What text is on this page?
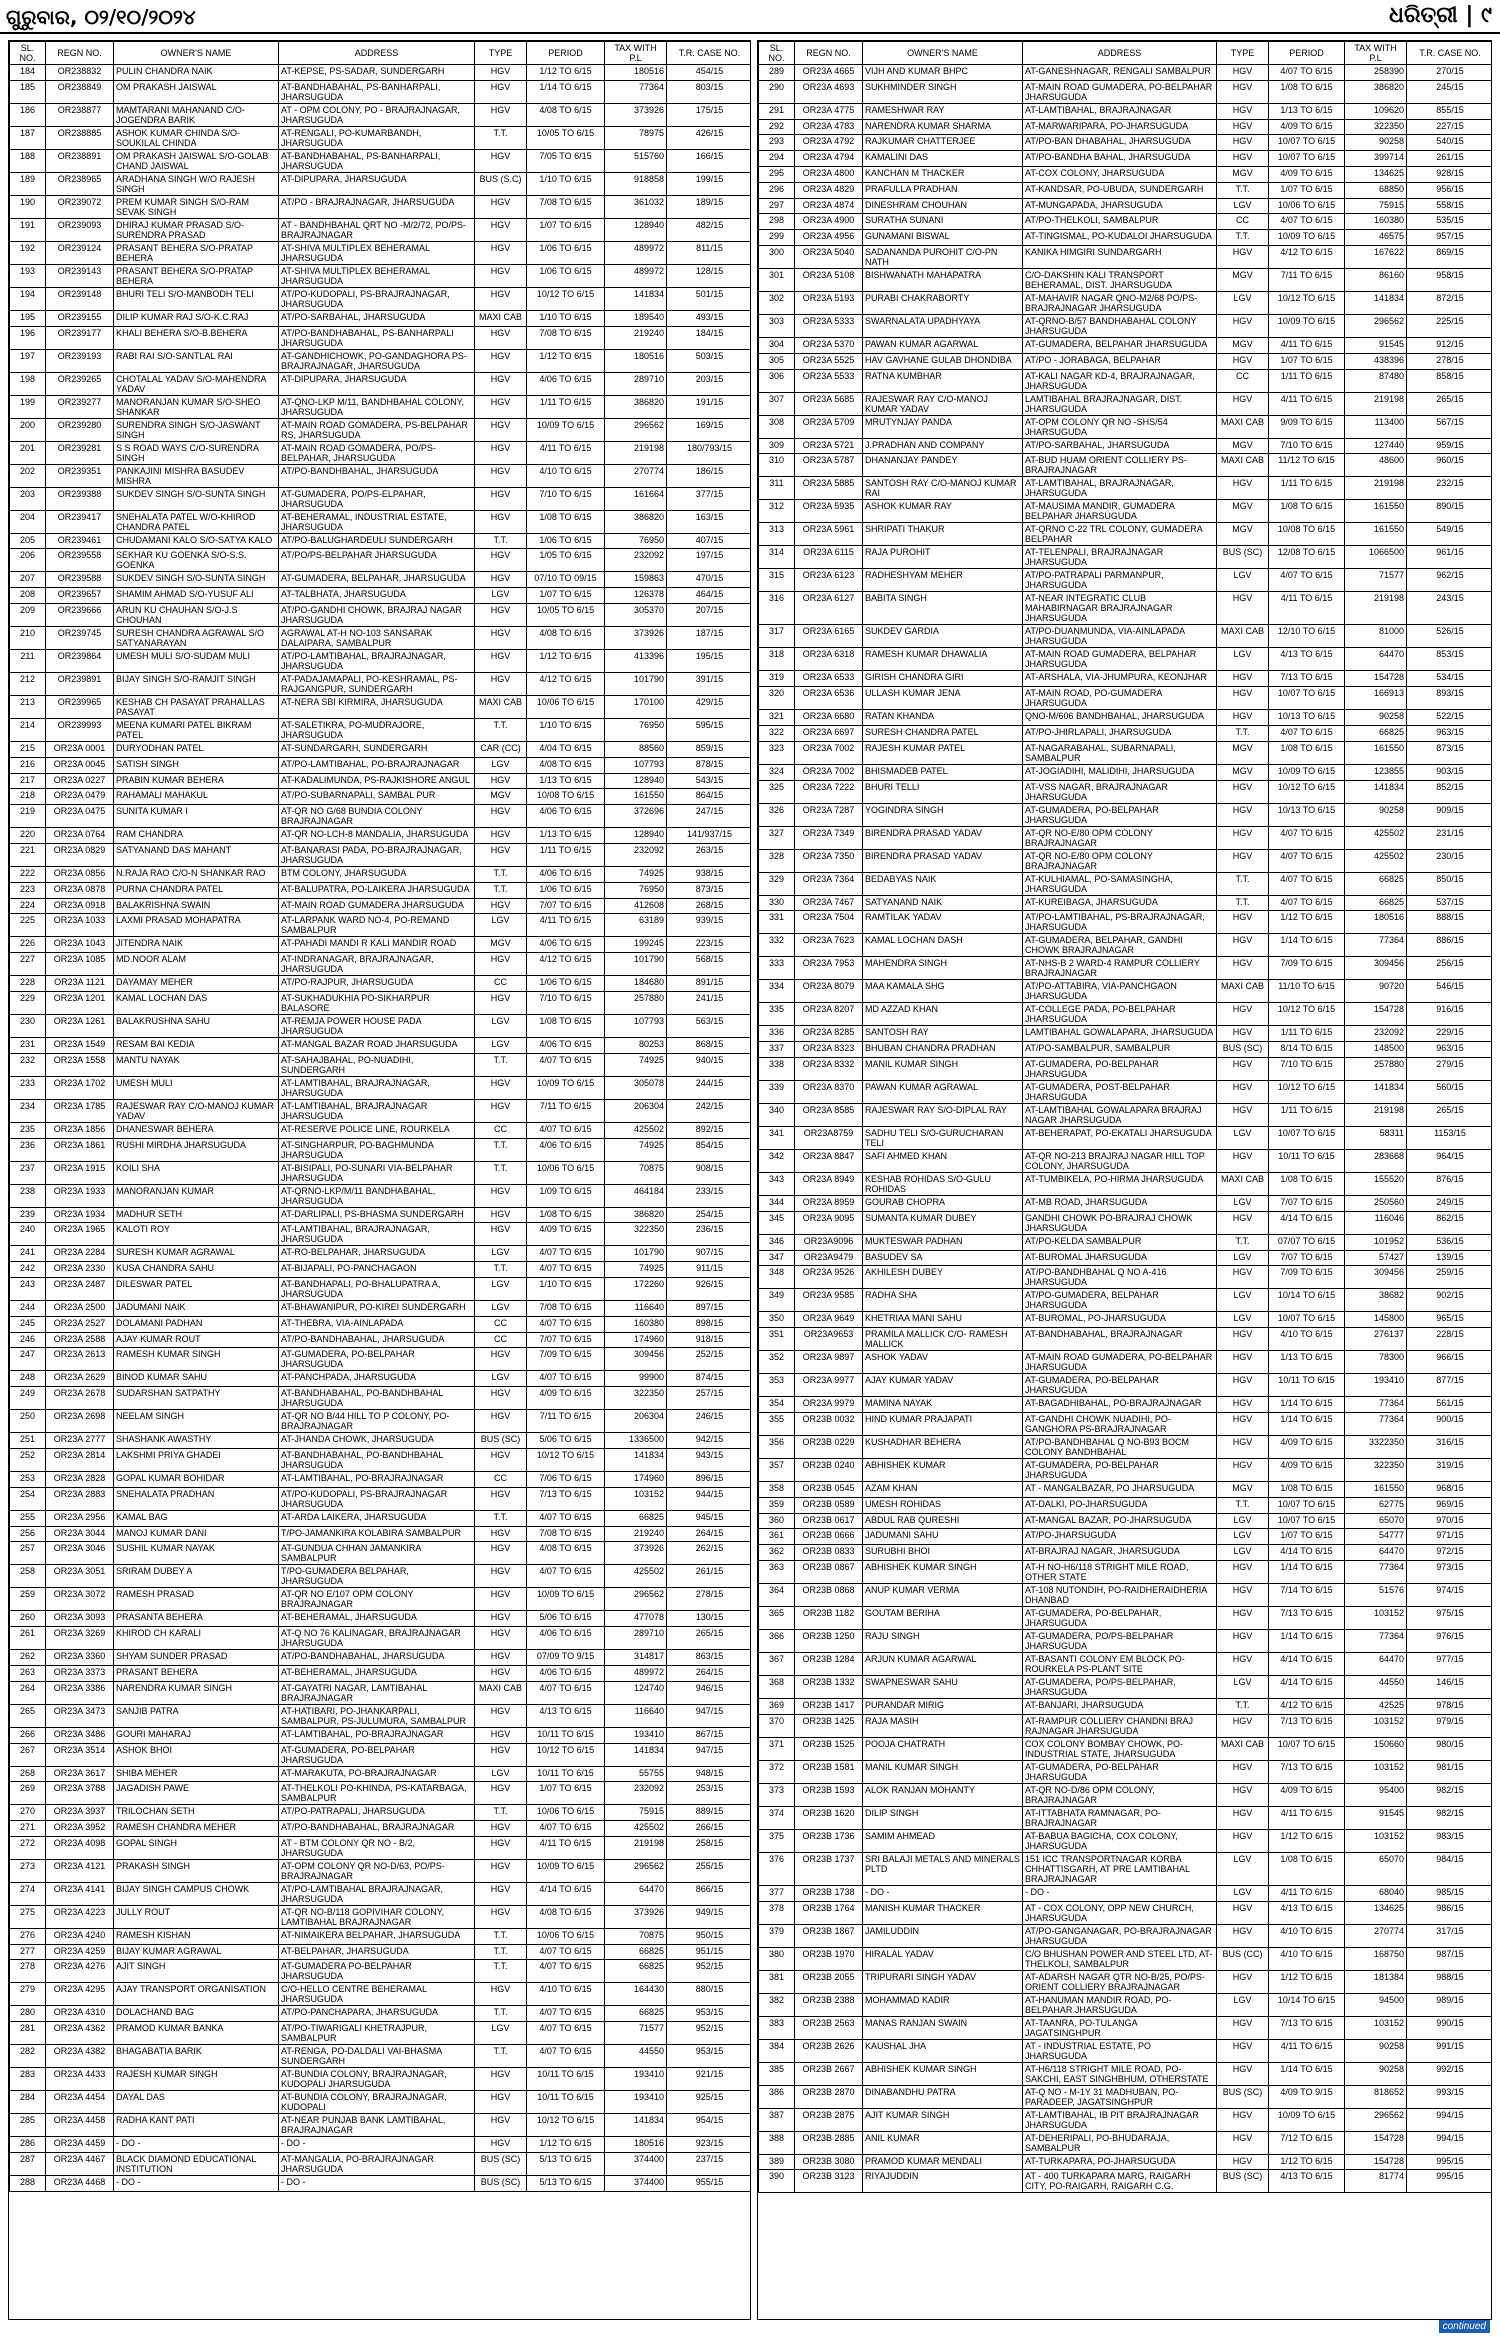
ଗୁରୁବାର, ୦୨/୧୦/୨୦୨୪	ଧରିତ୍ରୀ | ୯
SL. NO.	REGN NO.	OWNER'S NAME	ADDRESS	TYPE	PERIOD	TAX WITH P.L	T.R. CASE NO.
184	OR238832	PULIN CHANDRA NAIK	AT-KEPSE, PS-SADAR, SUNDERGARH	HGV	1/12 TO 6/15	180516	454/15
185	OR238849	OM PRAKASH JAISWAL	AT-BANDHABAHAL, PS-BANHARPALI, JHARSUGUDA	HGV	1/14 TO 6/15	77364	803/15
186	OR238877	MAMTARANI MAHANAND C/O-JOGENDRA BARIK	AT - OPM COLONY, PO - BRAJRAJNAGAR, JHARSUGUDA	HGV	4/08 TO 6/15	373926	175/15
187	OR238885	ASHOK KUMAR CHINDA S/O-SOUKILAL CHINDA	AT-RENGALI, PO-KUMARBANDH, JHARSUGUDA	T.T.	10/05 TO 6/15	78975	426/15
188	OR238891	OM PRAKASH JAISWAL S/O-GOLAB CHAND JAISWAL	AT-BANDHABAHAL, PS-BANHARPALI, JHARSUGUDA	HGV	7/05 TO 6/15	515760	166/15
189	OR238965	ARADHANA SINGH W/O RAJESH SINGH	AT-DIPUPARA, JHARSUGUDA	BUS (S.C)	1/10 TO 6/15	918858	199/15
190	OR239072	PREM KUMAR SINGH S/O-RAM SEVAK SINGH	AT/PO - BRAJRAJNAGAR, JHARSUGUDA	HGV	7/08 TO 6/15	361032	189/15
191	OR239093	DHIRAJ KUMAR PRASAD S/O-SURENDRA PRASAD	AT - BANDHBAHAL QRT NO -M/2/72, PO/PS-BRAJRAJNAGAR	HGV	1/07 TO 6/15	128940	482/15
192	OR239124	PRASANT BEHERA S/O-PRATAP BEHERA	AT-SHIVA MULTIPLEX BEHERAMAL JHARSUGUDA	HGV	1/06 TO 6/15	489972	811/15
193	OR239143	PRASANT BEHERA S/O-PRATAP BEHERA	AT-SHIVA MULTIPLEX BEHERAMAL JHARSUGUDA	HGV	1/06 TO 6/15	489972	128/15
194	OR239148	BHURI TELI S/O-MANBODH TELI	AT/PO-KUDOPALI, PS-BRAJRAJNAGAR, JHARSUGUDA	HGV	10/12 TO 6/15	141834	501/15
195	OR239155	DILIP KUMAR RAJ S/O-K.C.RAJ	AT/PO-SARBAHAL, JHARSUGUDA	MAXI CAB	1/10 TO 6/15	189540	493/15
196	OR239177	KHALI BEHERA S/O-B.BEHERA	AT/PO-BANDHABAHAL, PS-BANHARPALI JHARSUGUDA	HGV	7/08 TO 6/15	219240	184/15
197	OR239193	RABI RAI S/O-SANTLAL RAI	AT-GANDHICHOWK, PO-GANDAGHORA PS-BRAJRAJNAGAR, JHARSUGUDA	HGV	1/12 TO 6/15	180516	503/15
198	OR239265	CHOTALAL YADAV S/O-MAHENDRA YADAV	AT-DIPUPARA, JHARSUGUDA	HGV	4/06 TO 6/15	289710	203/15
199	OR239277	MANORANJAN KUMAR S/O-SHEO SHANKAR	AT-QNO-LKP M/11, BANDHBAHAL COLONY, JHARSUGUDA	HGV	1/11 TO 6/15	386820	191/15
200	OR239280	SURENDRA SINGH S/O-JASWANT SINGH	AT-MAIN ROAD GOMADERA, PS-BELPAHAR RS, JHARSUGUDA	HGV	10/09 TO 6/15	296562	169/15
201	OR239281	S S ROAD WAYS C/O-SURENDRA SINGH	AT-MAIN ROAD GOMADERA, PO/PS-BELPAHAR, JHARSUGUDA	HGV	4/11 TO 6/15	219198	180/793/15
202	OR239351	PANKAJINI MISHRA BASUDEV MISHRA	AT/PO-BANDHBAHAL, JHARSUGUDA	HGV	4/10 TO 6/15	270774	186/15
203	OR239388	SUKDEV SINGH S/O-SUNTA SINGH	AT-GUMADERA, PO/PS-ELPAHAR, JHARSUGUDA	HGV	7/10 TO 6/15	161664	377/15
204	OR239417	SNEHALATA PATEL W/O-KHIROD CHANDRA PATEL	AT-BEHERAMAL, INDUSTRIAL ESTATE, JHARSUGUDA	HGV	1/08 TO 6/15	386820	163/15
205	OR239461	CHUDAMANI KALO S/O-SATYA KALO	AT/PO-BALUGHARDEULI SUNDERGARH	T.T.	1/06 TO 6/15	76950	407/15
206	OR239558	SEKHAR KU GOENKA S/O-S.S. GOENKA	AT/PO/PS-BELPAHAR JHARSUGUDA	HGV	1/05 TO 6/15	232092	197/15
207	OR239588	SUKDEV SINGH S/O-SUNTA SINGH	AT-GUMADERA, BELPAHAR, JHARSUGUDA	HGV	07/10 TO 09/15	159863	470/15
208	OR239657	SHAMIM AHMAD S/O-YUSUF ALI	AT-TALBHATA, JHARSUGUDA	LGV	1/07 TO 6/15	126378	464/15
209	OR239666	ARUN KU CHAUHAN S/O-J.S CHOUHAN	AT/PO-GANDHI CHOWK, BRAJRAJ NAGAR JHARSUGUDA	HGV	10/05 TO 6/15	305370	207/15
210	OR239745	SURESH CHANDRA AGRAWAL S/O SATYANARAYAN	AGRAWAL AT-H NO-103 SANSARAK DALAIPARA, SAMBALPUR	HGV	4/08 TO 6/15	373926	187/15
211	OR239864	UMESH MULI S/O-SUDAM MULI	AT/PO-LAMTIBAHAL, BRAJRAJNAGAR, JHARSUGUDA	HGV	1/12 TO 6/15	413396	195/15
212	OR239891	BIJAY SINGH S/O-RAMJIT SINGH	AT-PADAJAMAPALI, PO-KESHRAMAL, PS-RAJGANGPUR, SUNDERGARH	HGV	4/12 TO 6/15	101790	391/15
213	OR239965	KESHAB CH PASAYAT PRAHALLAS PASAYAT	AT-NERA SBI KIRMIRA, JHARSUGUDA	MAXI CAB	10/06 TO 6/15	170100	429/15
214	OR239993	MEENA KUMARI PATEL BIKRAM PATEL	AT-SALETIKRA, PO-MUDRAJORE, JHARSUGUDA	T.T.	1/10 TO 6/15	76950	595/15
215	OR23A 0001	DURYODHAN PATEL	AT-SUNDARGARH, SUNDERGARH	CAR (CC)	4/04 TO 6/15	88560	859/15
216	OR23A 0045	SATISH SINGH	AT/PO-LAMTIBAHAL, PO-BRAJRAJNAGAR	LGV	4/08 TO 6/15	107793	878/15
217	OR23A 0227	PRABIN KUMAR BEHERA	AT-KADALIMUNDA, PS-RAJKISHORE ANGUL	HGV	1/13 TO 6/15	128940	543/15
218	OR23A 0479	RAHAMALI MAHAKUL	AT/PO-SUBARNAPALI, SAMBAL PUR	MGV	10/08 TO 6/15	161550	864/15
219	OR23A 0475	SUNITA KUMAR I	AT-QR NO G/68 BUNDIA COLONY BRAJRAJNAGAR	HGV	4/06 TO 6/15	372696	247/15
220	OR23A 0764	RAM CHANDRA	AT-QR NO-LCH-8 MANDALIA, JHARSUGUDA	HGV	1/13 TO 6/15	128940	141/937/15
221	OR23A 0829	SATYANAND DAS MAHANT	AT-BANARASI PADA, PO-BRAJRAJNAGAR, JHARSUGUDA	HGV	1/11 TO 6/15	232092	263/15
222	OR23A 0856	N.RAJA RAO C/O-N SHANKAR RAO	BTM COLONY, JHARSUGUDA	T.T.	4/06 TO 6/15	74925	938/15
223	OR23A 0878	PURNA CHANDRA PATEL	AT-BALUPATRA, PO-LAIKERA JHARSUGUDA	T.T.	1/06 TO 6/15	76950	873/15
224	OR23A 0918	BALAKRISHNA SWAIN	AT-MAIN ROAD GUMADERA JHARSUGUDA	HGV	7/07 TO 6/15	412608	268/15
225	OR23A 1033	LAXMI PRASAD MOHAPATRA	AT-LARPANK WARD NO-4, PO-REMAND SAMBALPUR	LGV	4/11 TO 6/15	63189	939/15
226	OR23A 1043	JITENDRA NAIK	AT-PAHADI MANDI R KALI MANDIR ROAD	MGV	4/06 TO 6/15	199245	223/15
227	OR23A 1085	MD.NOOR ALAM	AT-INDRANAGAR, BRAJRAJNAGAR, JHARSUGUDA	HGV	4/12 TO 6/15	101790	568/15
228	OR23A 1121	DAYAMAY MEHER	AT/PO-RAJPUR, JHARSUGUDA	CC	1/06 TO 6/15	184680	891/15
229	OR23A 1201	KAMAL LOCHAN DAS	AT-SUKHADUKHIA PO-SIKHARPUR BALASORE	HGV	7/10 TO 6/15	257880	241/15
230	OR23A 1261	BALAKRUSHNA SAHU	AT-REMJA POWER HOUSE PADA JHARSUGUDA	LGV	1/08 TO 6/15	107793	563/15
231	OR23A 1549	RESAM BAI KEDIA	AT-MANGAL BAZAR ROAD JHARSUGUDA	LGV	4/06 TO 6/15	80253	868/15
232	OR23A 1558	MANTU NAYAK	AT-SAHAJBAHAL, PO-NUADIHI, SUNDERGARH	T.T.	4/07 TO 6/15	74925	940/15
233	OR23A 1702	UMESH MULI	AT-LAMTIBAHAL, BRAJRAJNAGAR, JHARSUGUDA	HGV	10/09 TO 6/15	305078	244/15
234	OR23A 1785	RAJESWAR RAY C/O-MANOJ KUMAR YADAV	AT-LAMTIBAHAL, BRAJRAJNAGAR JHARSUGUDA	HGV	7/11 TO 6/15	206304	242/15
235	OR23A 1856	DHANESWAR BEHERA	AT-RESERVE POLICE LINE, ROURKELA	CC	4/07 TO 6/15	425502	892/15
236	OR23A 1861	RUSHI MIRDHA JHARSUGUDA	AT-SINGHARPUR, PO-BAGHMUNDA JHARSUGUDA	T.T.	4/06 TO 6/15	74925	854/15
237	OR23A 1915	KOILI SHA	AT-BISIPALI, PO-SUNARI VIA-BELPAHAR JHARSUGUDA	T.T.	10/06 TO 6/15	70875	908/15
238	OR23A 1933	MANORANJAN KUMAR	AT-QRNO-LKP/M/11 BANDHABAHAL, JHARSUGUDA	HGV	1/09 TO 6/15	464184	233/15
239	OR23A 1934	MADHUR SETH	AT-DARLIPALI, PS-BHASMA SUNDERGARH	HGV	1/08 TO 6/15	386820	254/15
240	OR23A 1965	KALOTI ROY	AT-LAMTIBAHAL, BRAJRAJNAGAR, JHARSUGUDA	HGV	4/09 TO 6/15	322350	236/15
241	OR23A 2284	SURESH KUMAR AGRAWAL	AT-RO-BELPAHAR, JHARSUGUDA	LGV	4/07 TO 6/15	101790	907/15
242	OR23A 2330	KUSA CHANDRA SAHU	AT-BIJAPALI, PO-PANCHAGAON	T.T.	4/07 TO 6/15	74925	911/15
243	OR23A 2487	DILESWAR PATEL	AT-BANDHAPALI, PO-BHALUPATRA A, JHARSUGUDA	LGV	1/10 TO 6/15	172260	926/15
244	OR23A 2500	JADUMANI NAIK	AT-BHAWANIPUR, PO-KIREI SUNDERGARH	LGV	7/08 TO 6/15	116640	897/15
245	OR23A 2527	DOLAMANI PADHAN	AT-THEBRA, VIA-AINLAPADA	CC	4/07 TO 6/15	160380	898/15
246	OR23A 2588	AJAY KUMAR ROUT	AT/PO-BANDHABAHAL, JHARSUGUDA	CC	7/07 TO 6/15	174960	918/15
247	OR23A 2613	RAMESH KUMAR SINGH	AT-GUMADERA, PO-BELPAHAR JHARSUGUDA	HGV	7/09 TO 6/15	309456	252/15
248	OR23A 2629	BINOD KUMAR SAHU	AT-PANCHPADA, JHARSUGUDA	LGV	4/07 TO 6/15	99900	874/15
249	OR23A 2678	SUDARSHAN SATPATHY	AT-BANDHABAHAL, PO-BANDHBAHAL JHARSUGUDA	HGV	4/09 TO 6/15	322350	257/15
250	OR23A 2698	NEELAM SINGH	AT-QR NO B/44 HILL TO P COLONY, PO-BRAJRAJNAGAR	HGV	7/11 TO 6/15	206304	246/15
251	OR23A 2777	SHASHANK AWASTHY	AT-JHANDA CHOWK, JHARSUGUDA	BUS (SC)	5/06 TO 6/15	1336500	942/15
252	OR23A 2814	LAKSHMI PRIYA GHADEI	AT-BANDHABAHAL, PO-BANDHBAHAL JHARSUGUDA	HGV	10/12 TO 6/15	141834	943/15
253	OR23A 2828	GOPAL KUMAR BOHIDAR	AT-LAMTIBAHAL, PO-BRAJRAJNAGAR	CC	7/06 TO 6/15	174960	896/15
254	OR23A 2883	SNEHALATA PRADHAN	AT/PO-KUDOPALI, PS-BRAJRAJNAGAR JHARSUGUDA	HGV	7/13 TO 6/15	103152	944/15
255	OR23A 2956	KAMAL BAG	AT-ARDA LAIKERA, JHARSUGUDA	T.T.	4/07 TO 6/15	66825	945/15
256	OR23A 3044	MANOJ KUMAR DANI	T/PO-JAMANKIRA KOLABIRA SAMBALPUR	HGV	7/08 TO 6/15	219240	264/15
257	OR23A 3046	SUSHIL KUMAR NAYAK	AT-GUNDUA CHHAN JAMANKIRA SAMBALPUR	HGV	4/08 TO 6/15	373926	262/15
258	OR23A 3051	SRIRAM DUBEY A	T/PO-GUMADERA BELPAHAR, JHARSUGUDA	HGV	4/07 TO 6/15	425502	261/15
259	OR23A 3072	RAMESH PRASAD	AT-QR NO E/107 OPM COLONY BRAJRAJNAGAR	HGV	10/09 TO 6/15	296562	278/15
260	OR23A 3093	PRASANTA BEHERA	AT-BEHERAMAL, JHARSUGUDA	HGV	5/06 TO 6/15	477078	130/15
261	OR23A 3269	KHIROD CH KARALI	AT-Q NO 76 KALINAGAR, BRAJRAJNAGAR JHARSUGUDA	HGV	4/06 TO 6/15	289710	265/15
262	OR23A 3360	SHYAM SUNDER PRASAD	AT/PO-BANDHABAHAL, JHARSUGUDA	HGV	07/09 TO 9/15	314817	863/15
263	OR23A 3373	PRASANT BEHERA	AT-BEHERAMAL, JHARSUGUDA	HGV	4/06 TO 6/15	489972	264/15
264	OR23A 3386	NARENDRA KUMAR SINGH	AT-GAYATRI NAGAR, LAMTIBAHAL BRAJRAJNAGAR	MAXI CAB	4/07 TO 6/15	124740	946/15
265	OR23A 3473	SANJIB PATRA	AT-HATIBARI, PO-JHANKARPALI, SAMBALPUR, PS-JULUMURA, SAMBALPUR	HGV	4/13 TO 6/15	116640	947/15
266	OR23A 3486	GOURI MAHARAJ	AT-LAMTIBAHAL, PO-BRAJRAJNAGAR	HGV	10/11 TO 6/15	193410	867/15
267	OR23A 3514	ASHOK BHOI	AT-GUMADERA, PO-BELPAHAR JHARSUGUDA	HGV	10/12 TO 6/15	141834	947/15
268	OR23A 3617	SHIBA MEHER	AT-MARAKUTA, PO-BRAJRAJNAGAR	LGV	10/11 TO 6/15	55755	948/15
269	OR23A 3788	JAGADISH PAWE	AT-THELKOLI PO-KHINDA, PS-KATARBAGA, SAMBALPUR	HGV	1/07 TO 6/15	232092	253/15
270	OR23A 3937	TRILOCHAN SETH	AT/PO-PATRAPALI, JHARSUGUDA	T.T.	10/06 TO 6/15	75915	889/15
271	OR23A 3952	RAMESH CHANDRA MEHER	AT/PO-BANDHABAHAL, BRAJRAJNAGAR	HGV	4/07 TO 6/15	425502	266/15
272	OR23A 4098	GOPAL SINGH	AT - BTM COLONY QR NO - B/2, JHARSUGUDA	HGV	4/11 TO 6/15	219198	258/15
273	OR23A 4121	PRAKASH SINGH	AT-OPM COLONY QR NO-D/63, PO/PS-BRAJRAJNAGAR	HGV	10/09 TO 6/15	296562	255/15
274	OR23A 4141	BIJAY SINGH CAMPUS CHOWK	AT/PO-LAMTIBAHAL BRAJRAJNAGAR, JHARSUGUDA	HGV	4/14 TO 6/15	64470	866/15
275	OR23A 4223	JULLY ROUT	AT-QR NO-B/118 GOPIVIHAR COLONY, LAMTIBAHAL BRAJRAJNAGAR	HGV	4/08 TO 6/15	373926	949/15
276	OR23A 4240	RAMESH KISHAN	AT-NIMAIKERA BELPAHAR, JHARSUGUDA	T.T.	10/06 TO 6/15	70875	950/15
277	OR23A 4259	BIJAY KUMAR AGRAWAL	AT-BELPAHAR, JHARSUGUDA	T.T.	4/07 TO 6/15	66825	951/15
278	OR23A 4276	AJIT SINGH	AT-GUMADERA PO-BELPAHAR JHARSUGUDA	T.T.	4/07 TO 6/15	66825	952/15
279	OR23A 4295	AJAY TRANSPORT ORGANISATION	C/O-HELLO CENTRE BEHERAMAL JHARSUGUDA	HGV	4/10 TO 6/15	164430	880/15
280	OR23A 4310	DOLACHAND BAG	AT/PO-PANCHAPARA, JHARSUGUDA	T.T.	4/07 TO 6/15	66825	953/15
281	OR23A 4362	PRAMOD KUMAR BANKA	AT/PO-TIWARIGALI KHETRAJPUR, SAMBALPUR	LGV	4/07 TO 6/15	71577	952/15
282	OR23A 4382	BHAGABATIA BARIK	AT-RENGA, PO-DALDALI VAI-BHASMA SUNDERGARH	T.T.	4/07 TO 6/15	44550	953/15
283	OR23A 4433	RAJESH KUMAR SINGH	AT-BUNDIA COLONY, BRAJRAJNAGAR, KUDOPALI JHARSUGUDA	HGV	10/11 TO 6/15	193410	921/15
284	OR23A 4454	DAYAL DAS	AT-BUNDIA COLONY, BRAJRAJNAGAR, KUDOPALI	HGV	10/11 TO 6/15	193410	925/15
285	OR23A 4458	RADHA KANT PATI	AT-NEAR PUNJAB BANK LAMTIBAHAL, BRAJRAJNAGAR	HGV	10/12 TO 6/15	141834	954/15
286	OR23A 4459	- DO -	- DO -	HGV	1/12 TO 6/15	180516	923/15
287	OR23A 4467	BLACK DIAMOND EDUCATIONAL INSTITUTION	AT-MANGALIA, PO-BRAJRAJNAGAR JHARSUGUDA	BUS (SC)	5/13 TO 6/15	374400	237/15
288	OR23A 4468	- DO -	- DO -	BUS (SC)	5/13 TO 6/15	374400	955/15
SL. NO.	REGN NO.	OWNER'S NAME	ADDRESS	TYPE	PERIOD	TAX WITH P.L	T.R. CASE NO.
289	OR23A 4665	VIJH AND KUMAR BHPC	AT-GANESHNAGAR, RENGALI SAMBALPUR	HGV	4/07 TO 6/15	258390	270/15
290	OR23A 4693	SUKHMINDER SINGH	AT-MAIN ROAD GUMADERA, PO-BELPAHAR JHARSUGUDA	HGV	1/08 TO 6/15	386820	245/15
291	OR23A 4775	RAMESHWAR RAY	AT-LAMTIBAHAL, BRAJRAJNAGAR	HGV	1/13 TO 6/15	109620	855/15
292	OR23A 4783	NARENDRA KUMAR SHARMA	AT-MARWARIPARA, PO-JHARSUGUDA	HGV	4/09 TO 6/15	322350	227/15
293	OR23A 4792	RAJKUMAR CHATTERJEE	AT/PO-BAN DHABAHAL, JHARSUGUDA	HGV	10/07 TO 6/15	90258	540/15
294	OR23A 4794	KAMALINI DAS	AT/PO-BANDHA BAHAL, JHARSUGUDA	HGV	10/07 TO 6/15	399714	261/15
295	OR23A 4800	KANCHAN M THACKER	AT-COX COLONY, JHARSUGUDA	MGV	4/09 TO 6/15	134625	928/15
296	OR23A 4829	PRAFULLA PRADHAN	AT-KANDSAR, PO-UBUDA, SUNDERGARH	T.T.	1/07 TO 6/15	68850	956/15
297	OR23A 4874	DINESHRAM CHOUHAN	AT-MUNGAPADA, JHARSUGUDA	LGV	10/06 TO 6/15	75915	558/15
298	OR23A 4900	SURATHA SUNANI	AT/PO-THELKOLI, SAMBALPUR	CC	4/07 TO 6/15	160380	535/15
299	OR23A 4956	GUNAMANI BISWAL	AT-TINGISMAL, PO-KUDALOI JHARSUGUDA	T.T.	10/09 TO 6/15	46575	957/15
300	OR23A 5040	SADANANDA PUROHIT C/O-PN NATH	KANIKA HIMGIRI SUNDARGARH	HGV	4/12 TO 6/15	167622	869/15
301	OR23A 5108	BISHWANATH MAHAPATRA	C/O-DAKSHIN KALI TRANSPORT BEHERAMAL, DIST. JHARSUGUDA	MGV	7/11 TO 6/15	86160	958/15
302	OR23A 5193	PURABI CHAKRABORTY	AT-MAHAVIR NAGAR QNO-M2/68 PO/PS-BRAJRAJNAGAR JHARSUGUDA	LGV	10/12 TO 6/15	141834	872/15
303	OR23A 5333	SWARNALATA UPADHYAYA	AT-QRNO-B/57 BANDHABAHAL COLONY JHARSUGUDA	HGV	10/09 TO 6/15	296562	225/15
304	OR23A 5370	PAWAN KUMAR AGARWAL	AT-GUMADERA, BELPAHAR JHARSUGUDA	MGV	4/11 TO 6/15	91545	912/15
305	OR23A 5525	HAV GAVHANE GULAB DHONDIBA	AT/PO - JORABAGA, BELPAHAR	HGV	1/07 TO 6/15	438396	278/15
306	OR23A 5533	RATNA KUMBHAR	AT-KALI NAGAR KD-4, BRAJRAJNAGAR, JHARSUGUDA	CC	1/11 TO 6/15	87480	858/15
307	OR23A 5685	RAJESWAR RAY C/O-MANOJ KUMAR YADAV	LAMTIBAHAL BRAJRAJNAGAR, DIST. JHARSUGUDA	HGV	4/11 TO 6/15	219198	265/15
308	OR23A 5709	MRUTYNJAY PANDA	AT-OPM COLONY QR NO -SHS/54 JHARSUGUDA	MAXI CAB	9/09 TO 6/15	113400	567/15
309	OR23A 5721	J.PRADHAN AND COMPANY	AT/PO-SARBAHAL, JHARSUGUDA	MGV	7/10 TO 6/15	127440	959/15
310	OR23A 5787	DHANANJAY PANDEY	AT-BUD HUAM ORIENT COLLIERY PS-BRAJRAJNAGAR	MAXI CAB	11/12 TO 6/15	48600	960/15
311	OR23A 5885	SANTOSH RAY C/O-MANOJ KUMAR RAI	AT-LAMTIBAHAL, BRAJRAJNAGAR, JHARSUGUDA	HGV	1/11 TO 6/15	219198	232/15
312	OR23A 5935	ASHOK KUMAR RAY	AT-MAUSIMA MANDIR, GUMADERA BELPAHAR JHARSUGUDA	MGV	1/08 TO 6/15	161550	890/15
313	OR23A 5961	SHRIPATI THAKUR	AT-QRNO C-22 TRL COLONY, GUMADERA BELPAHAR	MGV	10/08 TO 6/15	161550	549/15
314	OR23A 6115	RAJA PUROHIT	AT-TELENPALI, BRAJRAJNAGAR JHARSUGUDA	BUS (SC)	12/08 TO 6/15	1066500	961/15
315	OR23A 6123	RADHESHYAM MEHER	AT/PO-PATRAPALI PARMANPUR, JHARSUGUDA	LGV	4/07 TO 6/15	71577	962/15
316	OR23A 6127	BABITA SINGH	AT-NEAR INTEGRATIC CLUB MAHABIRNAGAR BRAJRAJNAGAR JHARSUGUDA	HGV	4/11 TO 6/15	219198	243/15
317	OR23A 6165	SUKDEV GARDIA	AT/PO-DUANMUNDA, VIA-AINLAPADA JHARSUGUDA	MAXI CAB	12/10 TO 6/15	81000	526/15
318	OR23A 6318	RAMESH KUMAR DHAWALIA	AT-MAIN ROAD GUMADERA, BELPAHAR JHARSUGUDA	LGV	4/13 TO 6/15	64470	853/15
319	OR23A 6533	GIRISH CHANDRA GIRI	AT-ARSHALA, VIA-JHUMPURA, KEONJHAR	HGV	7/13 TO 6/15	154728	534/15
320	OR23A 6536	ULLASH KUMAR JENA	AT-MAIN ROAD, PO-GUMADERA JHARSUGUDA	HGV	10/07 TO 6/15	166913	893/15
321	OR23A 6680	RATAN KHANDA	QNO-M/606 BANDHBAHAL, JHARSUGUDA	HGV	10/13 TO 6/15	90258	522/15
322	OR23A 6697	SURESH CHANDRA PATEL	AT/PO-JHIRLAPALI, JHARSUGUDA	T.T.	4/07 TO 6/15	66825	963/15
323	OR23A 7002	RAJESH KUMAR PATEL	AT-NAGARABAHAL, SUBARNAPALI, SAMBALPUR	MGV	1/08 TO 6/15	161550	873/15
324	OR23A 7002	BHISMADEB PATEL	AT-JOGIADIHI, MALIDIHI, JHARSUGUDA	MGV	10/09 TO 6/15	123855	903/15
325	OR23A 7222	BHURI TELLI	AT-VSS NAGAR, BRAJRAJNAGAR JHARSUGUDA	HGV	10/12 TO 6/15	141834	852/15
326	OR23A 7287	YOGINDRA SINGH	AT-GUMADERA, PO-BELPAHAR JHARSUGUDA	HGV	10/13 TO 6/15	90258	909/15
327	OR23A 7349	BIRENDRA PRASAD YADAV	AT-QR NO-E/80 OPM COLONY BRAJRAJNAGAR	HGV	4/07 TO 6/15	425502	231/15
328	OR23A 7350	BIRENDRA PRASAD YADAV	AT-QR NO-E/80 OPM COLONY BRAJRAJNAGAR	HGV	4/07 TO 6/15	425502	230/15
329	OR23A 7364	BEDABYAS NAIK	AT-KULHIAMAL, PO-SAMASINGHA, JHARSUGUDA	T.T.	4/07 TO 6/15	66825	850/15
330	OR23A 7467	SATYANAND NAIK	AT-KUREIBAGA, JHARSUGUDA	T.T.	4/07 TO 6/15	66825	537/15
331	OR23A 7504	RAMTILAK YADAV	AT/PO-LAMTIBAHAL, PS-BRAJRAJNAGAR, JHARSUGUDA	HGV	1/12 TO 6/15	180516	888/15
332	OR23A 7623	KAMAL LOCHAN DASH	AT-GUMADERA, BELPAHAR, GANDHI CHOWK BRAJRAJNAGAR	HGV	1/14 TO 6/15	77364	886/15
333	OR23A 7953	MAHENDRA SINGH	AT-NHS-B 2 WARD-4 RAMPUR COLLIERY BRAJRAJNAGAR	HGV	7/09 TO 6/15	309456	256/15
334	OR23A 8079	MAA KAMALA SHG	AT/PO-ATTABIRA, VIA-PANCHGAON JHARSUGUDA	MAXI CAB	11/10 TO 6/15	90720	546/15
335	OR23A 8207	MD AZZAD KHAN	AT-COLLEGE PADA, PO-BELPAHAR JHARSUGUDA	HGV	10/12 TO 6/15	154728	916/15
336	OR23A 8285	SANTOSH RAY	LAMTIBAHAL GOWALAPARA, JHARSUGUDA	HGV	1/11 TO 6/15	232092	229/15
337	OR23A 8323	BHUBAN CHANDRA PRADHAN	AT/PO-SAMBALPUR, SAMBALPUR	BUS (SC)	8/14 TO 6/15	148500	963/15
338	OR23A 8332	MANIL KUMAR SINGH	AT-GUMADERA, PO-BELPAHAR JHARSUGUDA	HGV	7/10 TO 6/15	257880	279/15
339	OR23A 8370	PAWAN KUMAR AGRAWAL	AT-GUMADERA, POST-BELPAHAR JHARSUGUDA	HGV	10/12 TO 6/15	141834	560/15
340	OR23A 8585	RAJESWAR RAY S/O-DIPLAL RAY	AT-LAMTIBAHAL GOWALAPARA BRAJRAJ NAGAR JHARSUGUDA	HGV	1/11 TO 6/15	219198	265/15
341	OR23A8759	SADHU TELI S/O-GURUCHARAN TELI	AT-BEHERAPAT, PO-EKATALI JHARSUGUDA	LGV	10/07 TO 6/15	58311	1153/15
342	OR23A 8847	SAFI AHMED KHAN	AT-QR NO-213 BRAJRAJ NAGAR HILL TOP COLONY, JHARSUGUDA	HGV	10/11 TO 6/15	283668	964/15
343	OR23A 8949	KESHAB ROHIDAS S/O-GULU ROHIDAS	AT-TUMBIKELA, PO-HIRMA JHARSUGUDA	MAXI CAB	1/08 TO 6/15	155520	876/15
344	OR23A 8959	GOURAB CHOPRA	AT-MB ROAD, JHARSUGUDA	LGV	7/07 TO 6/15	250560	249/15
345	OR23A 9095	SUMANTA KUMAR DUBEY	GANDHI CHOWK PO-BRAJRAJ CHOWK JHARSUGUDA	HGV	4/14 TO 6/15	116046	862/15
346	OR23A9096	MUKTESWAR PADHAN	AT/PO-KELDA SAMBALPUR	T.T.	07/07 TO 6/15	101952	536/15
347	OR23A9479	BASUDEV SA	AT-BUROMAL JHARSUGUDA	LGV	7/07 TO 6/15	57427	139/15
348	OR23A 9526	AKHILESH DUBEY	AT/PO-BANDHBAHAL Q NO A-416 JHARSUGUDA	HGV	7/09 TO 6/15	309456	259/15
349	OR23A 9585	RADHA SHA	AT/PO-GUMADERA, BELPAHAR JHARSUGUDA	LGV	10/14 TO 6/15	38682	902/15
350	OR23A 9649	KHETRIAA MANI SAHU	AT-BUROMAL, PO-JHARSUGUDA	LGV	10/07 TO 6/15	145800	965/15
351	OR23A9653	PRAMILA MALLICK C/O- RAMESH MALLICK	AT-BANDHABAHAL, BRAJRAJNAGAR	HGV	4/10 TO 6/15	276137	228/15
352	OR23A 9897	ASHOK YADAV	AT-MAIN ROAD GUMADERA, PO-BELPAHAR JHARSUGUDA	HGV	1/13 TO 6/15	78300	966/15
353	OR23A 9977	AJAY KUMAR YADAV	AT-GUMADERA, PO-BELPAHAR JHARSUGUDA	HGV	10/11 TO 6/15	193410	877/15
354	OR23A 9979	MAMINA NAYAK	AT-BAGADHIBAHAL, PO-BRAJRAJNAGAR	HGV	1/14 TO 6/15	77364	561/15
355	OR23B 0032	HIND KUMAR PRAJAPATI	AT-GANDHI CHOWK NUADIHI, PO-GANGHORA PS-BRAJRAJNAGAR	HGV	1/14 TO 6/15	77364	900/15
356	OR23B 0229	KUSHADHAR BEHERA	AT/PO-BANDHBAHAL Q NO-B93 BOCM COLONY BANDHBAHAL	HGV	4/09 TO 6/15	3322350	316/15
357	OR23B 0240	ABHISHEK KUMAR	AT-GUMADERA, PO-BELPAHAR JHARSUGUDA	HGV	4/09 TO 6/15	322350	319/15
358	OR23B 0545	AZAM KHAN	AT - MANGALBAZAR, PO JHARSUGUDA	MGV	1/08 TO 6/15	161550	968/15
359	OR23B 0589	UMESH ROHIDAS	AT-DALKI, PO-JHARSUGUDA	T.T.	10/07 TO 6/15	62775	969/15
360	OR23B 0617	ABDUL RAB QURESHI	AT-MANGAL BAZAR, PO-JHARSUGUDA	LGV	10/07 TO 6/15	65070	970/15
361	OR23B 0666	JADUMANI SAHU	AT/PO-JHARSUGUDA	LGV	1/07 TO 6/15	54777	971/15
362	OR23B 0833	SURUBHI BHOI	AT-BRAJRAJ NAGAR, JHARSUGUDA	LGV	4/14 TO 6/15	64470	972/15
363	OR23B 0867	ABHISHEK KUMAR SINGH	AT-H NO-H6/118 STRIGHT MILE ROAD, OTHER STATE	HGV	1/14 TO 6/15	77364	973/15
364	OR23B 0868	ANUP KUMAR VERMA	AT-108 NUTONDIH, PO-RAIDHERAIDHERIA DHANBAD	HGV	7/14 TO 6/15	51576	974/15
365	OR23B 1182	GOUTAM BERIHA	AT-GUMADERA, PO-BELPAHAR, JHARSUGUDA	HGV	7/13 TO 6/15	103152	975/15
366	OR23B 1250	RAJU SINGH	AT-GUMADERA, PO/PS-BELPAHAR JHARSUGUDA	HGV	1/14 TO 6/15	77364	976/15
367	OR23B 1284	ARJUN KUMAR AGARWAL	AT-BASANTI COLONY EM BLOCK PO-ROURKELA PS-PLANT SITE	HGV	4/14 TO 6/15	64470	977/15
368	OR23B 1332	SWAPNESWAR SAHU	AT-GUMADERA, PO/PS-BELPAHAR, JHARSUGUDA	LGV	4/14 TO 6/15	44550	146/15
369	OR23B 1417	PURANDAR MIRIG	AT-BANJARI, JHARSUGUDA	T.T.	4/12 TO 6/15	42525	978/15
370	OR23B 1425	RAJA MASIH	AT-RAMPUR COLLIERY CHANDNI BRAJ RAJNAGAR JHARSUGUDA	HGV	7/13 TO 6/15	103152	979/15
371	OR23B 1525	POOJA CHATRATH	COX COLONY BOMBAY CHOWK, PO-INDUSTRIAL STATE, JHARSUGUDA	MAXI CAB	10/07 TO 6/15	150660	980/15
372	OR23B 1581	MANIL KUMAR SINGH	AT-GUMADERA, PO-BELPAHAR JHARSUGUDA	HGV	7/13 TO 6/15	103152	981/15
373	OR23B 1593	ALOK RANJAN MOHANTY	AT-QR NO-D/86 OPM COLONY, BRAJRAJNAGAR	HGV	4/09 TO 6/15	95400	982/15
374	OR23B 1620	DILIP SINGH	AT-ITTABHATA RAMNAGAR, PO-BRAJRAJNAGAR	HGV	4/11 TO 6/15	91545	982/15
375	OR23B 1736	SAMIM AHMEAD	AT-BABUA BAGICHA, COX COLONY, JHARSUGUDA	HGV	1/12 TO 6/15	103152	983/15
376	OR23B 1737	SRI BALAJI METALS AND MINERALS PLTD	151 ICC TRANSPORTNAGAR KORBA CHHATTISGARH, AT PRE LAMTIBAHAL BRAJRAJNAGAR	LGV	1/08 TO 6/15	65070	984/15
377	OR23B 1738	- DO -	- DO -	LGV	4/11 TO 6/15	68040	985/15
378	OR23B 1764	MANISH KUMAR THACKER	AT - COX COLONY, OPP NEW CHURCH, JHARSUGUDA	HGV	4/13 TO 6/15	134625	986/15
379	OR23B 1867	JAMILUDDIN	AT/PO-GANGANAGAR, PO-BRAJRAJNAGAR JHARSUGUDA	HGV	4/10 TO 6/15	270774	317/15
380	OR23B 1970	HIRALAL YADAV	C/O BHUSHAN POWER AND STEEL LTD, AT-THELKOLI, SAMBALPUR	BUS (CC)	4/10 TO 6/15	168750	987/15
381	OR23B 2055	TRIPURARI SINGH YADAV	AT-ADARSH NAGAR QTR NO-B/25, PO/PS-ORIENT COLLIERY BRAJRAJNAGAR	HGV	1/12 TO 6/15	181384	988/15
382	OR23B 2388	MOHAMMAD KADIR	AT-HANUMAN MANDIR ROAD, PO-BELPAHAR JHARSUGUDA	LGV	10/14 TO 6/15	94500	989/15
383	OR23B 2563	MANAS RANJAN SWAIN	AT-TAANRA, PO-TULANGA JAGATSINGHPUR	HGV	7/13 TO 6/15	103152	990/15
384	OR23B 2626	KAUSHAL JHA	AT - INDUSTRIAL ESTATE, PO JHARSUGUDA	HGV	4/11 TO 6/15	90258	991/15
385	OR23B 2667	ABHISHEK KUMAR SINGH	AT-H6/118 STRIGHT MILE ROAD, PO-SAKCHI, EAST SINGHBHUM, OTHERSTATE	HGV	1/14 TO 6/15	90258	992/15
386	OR23B 2870	DINABANDHU PATRA	AT-Q NO - M-1Y 31 MADHUBAN, PO-PARADEEP, JAGATSINGHPUR	BUS (SC)	4/09 TO 9/15	818652	993/15
387	OR23B 2875	AJIT KUMAR SINGH	AT-LAMTIBAHAL, IB PIT BRAJRAJNAGAR JHARSUGUDA	HGV	10/09 TO 6/15	296562	994/15
388	OR23B 2885	ANIL KUMAR	AT-DEHERIPALI, PO-BHUDARAJA, SAMBALPUR	HGV	7/12 TO 6/15	154728	994/15
389	OR23B 3080	PRAMOD KUMAR MENDALI	AT-TURKAPARA, PO-JHARSUGUDA	HGV	1/12 TO 6/15	154728	995/15
390	OR23B 3123	RIYAJUDDIN	AT - 400 TURKAPARA MARG, RAIGARH CITY, PO-RAIGARH, RAIGARH C.G.	BUS (SC)	4/13 TO 6/15	81774	995/15
continued
